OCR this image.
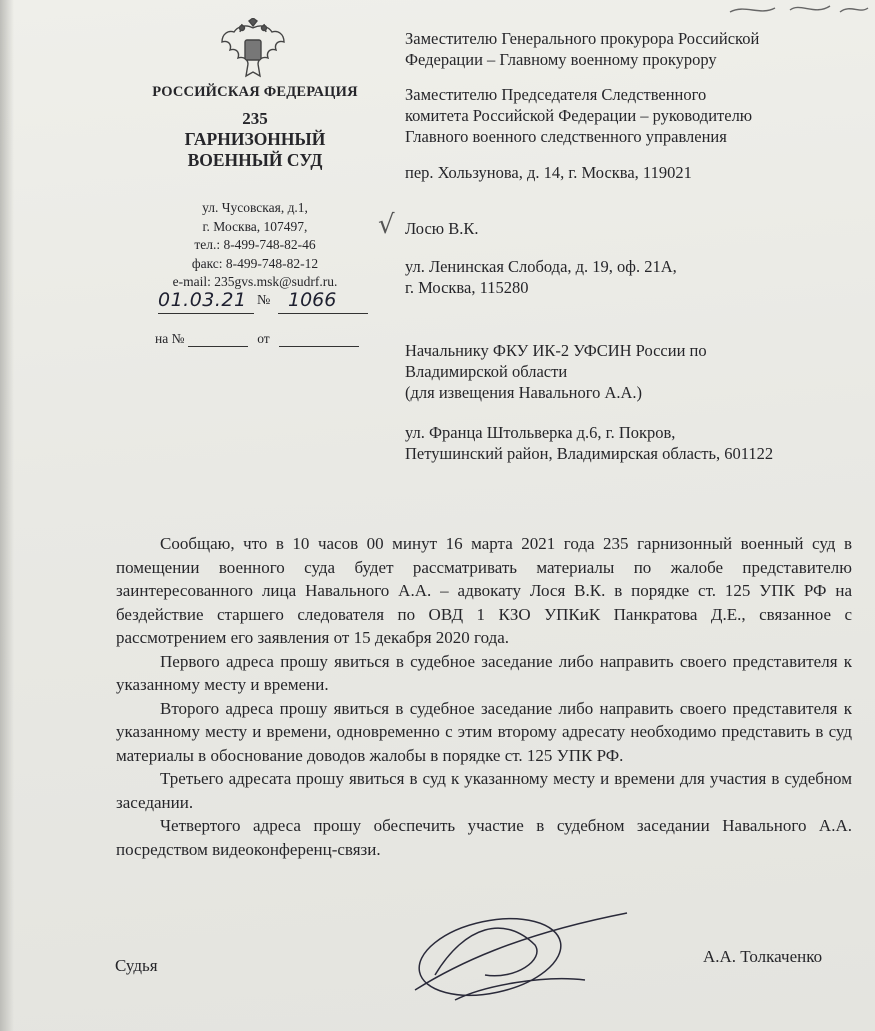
РОССИЙСКАЯ ФЕДЕРАЦИЯ
235
ГАРНИЗОННЫЙ
ВОЕННЫЙ СУД
ул. Чусовская, д.1,
г. Москва, 107497,
тел.: 8-499-748-82-46
факс: 8-499-748-82-12
e-mail: 235gvs.msk@sudrf.ru.
01.03.21 № 1066
на №	от
√
Заместителю Генерального прокурора Российской
Федерации – Главному военному прокурору
Заместителю Председателя Следственного
комитета Российской Федерации – руководителю
Главного военного следственного управления
пер. Хользунова, д. 14, г. Москва, 119021
Лосю В.К.
ул. Ленинская Слобода, д. 19, оф. 21А,
г. Москва, 115280
Начальнику ФКУ ИК-2 УФСИН России по
Владимирской области
(для извещения Навального А.А.)
ул. Франца Штольверка д.6, г. Покров,
Петушинский район, Владимирская область, 601122

Сообщаю, что в 10 часов 00 минут 16 марта 2021 года 235 гарнизонный военный суд в помещении военного суда будет рассматривать материалы по жалобе представителю заинтересованного лица Навального А.А. – адвокату Лося В.К. в порядке ст. 125 УПК РФ на бездействие старшего следователя по ОВД 1 КЗО УПКиК Панкратова Д.Е., связанное с рассмотрением его заявления от 15 декабря 2020 года.

Первого адреса прошу явиться в судебное заседание либо направить своего представителя к указанному месту и времени.

Второго адреса прошу явиться в судебное заседание либо направить своего представителя к указанному месту и времени, одновременно с этим второму адресату необходимо представить в суд материалы в обоснование доводов жалобы в порядке ст. 125 УПК РФ.

Третьего адресата прошу явиться в суд к указанному месту и времени для участия в судебном заседании.

Четвертого адреса прошу обеспечить участие в судебном заседании Навального А.А. посредством видеоконференц-связи.

Судья	А.А. Толкаченко
